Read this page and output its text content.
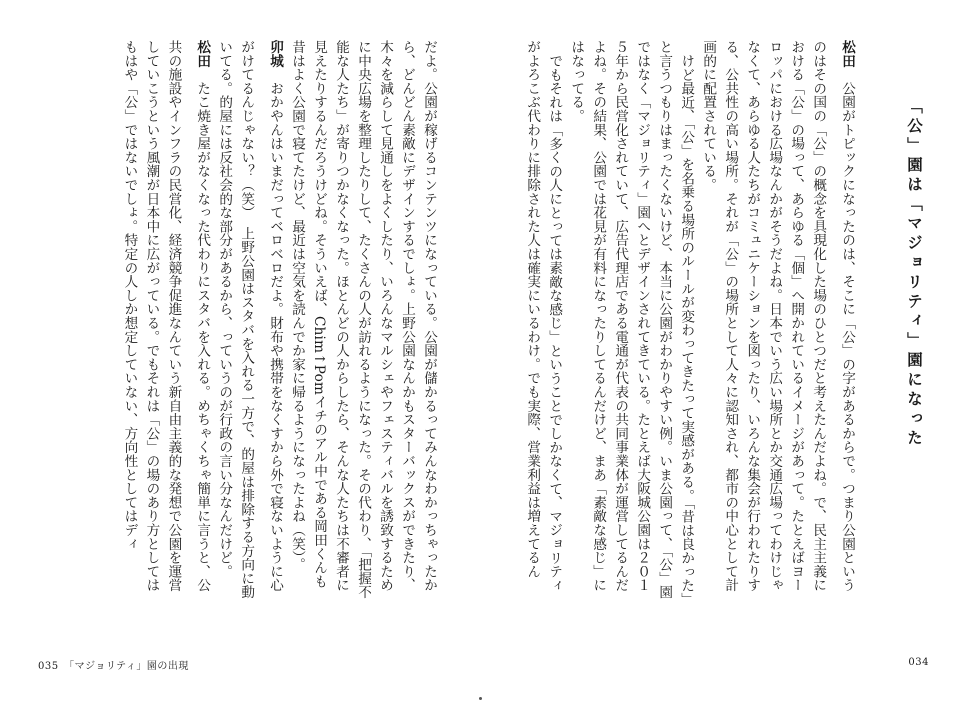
「公」園は「マジョリティ」園になった

松田　公園がトピックになったのは、そこに「公」の字があるからで。つまり公園というのはその国の「公」の概念を具現化した場のひとつだと考えたんだよね。で、民主主義における「公」の場って、あらゆる「個」へ開かれているイメージがあって。たとえばヨーロッパにおける広場なんかがそうだよね。日本でいう広い場所とか交通広場ってわけじゃなくて、あらゆる人たちがコミュニケーションを図ったり、いろんな集会が行われたりする、公共性の高い場所。それが「公」の場所として人々に認知され、都市の中心として計画的に配置されている。

けど最近、「公」を名乗る場所のルールが変わってきたって実感がある。「昔は良かった」と言うつもりはまったくないけど、本当に公園がわかりやすい例。いま公園って、「公」園ではなく「マジョリティ」園へとデザインされてきている。たとえば大阪城公園は２０１５年から民営化されていて、広告代理店である電通が代表の共同事業体が運営してるんだよね。その結果、公園では花見が有料になったりしてるんだけど、まあ「素敵な感じ」にはなってる。

でもそれは「多くの人にとっては素敵な感じ」ということでしかなくて、マジョリティがよろこぶ代わりに排除された人は確実にいるわけ。でも実際、営業利益は増えてるん

034

だよ。公園が稼げるコンテンツになっている。公園が儲かるってみんなわかっちゃったから、どんどん素敵にデザインするでしょ。上野公園なんかもスターバックスができたり、木々を減らして見通しをよくしたり、いろんなマルシェやフェスティバルを誘致するために中央広場を整理したりして、たくさんの人が訪れるようになった。その代わり、「把握不能な人たち」が寄りつかなくなった。ほとんどの人からしたら、そんな人たちは不審者に見えたりするんだろうけどね。そういえば、Chim↑Pomイチのアル中である岡田くんも昔はよく公園で寝てたけど、最近は空気を読んでか家に帰るようになったよね（笑）。

卯城　おかやんはいまだってベロベロだよ。財布や携帯をなくすから外で寝ないように心がけてるんじゃない？（笑）　上野公園はスタバを入れる一方で、的屋は排除する方向に動いてる。的屋には反社会的な部分があるから、っていうのが行政の言い分なんだけど。

松田　たこ焼き屋がなくなった代わりにスタバを入れる。めちゃくちゃ簡単に言うと、公共の施設やインフラの民営化、経済競争促進なんていう新自由主義的な発想で公園を運営していこうという風潮が日本中に広がっている。でもそれは「公」の場のあり方としてはもはや「公」ではないでしょ。特定の人しか想定していない、方向性としてはディ

035　「マジョリティ」園の出現
